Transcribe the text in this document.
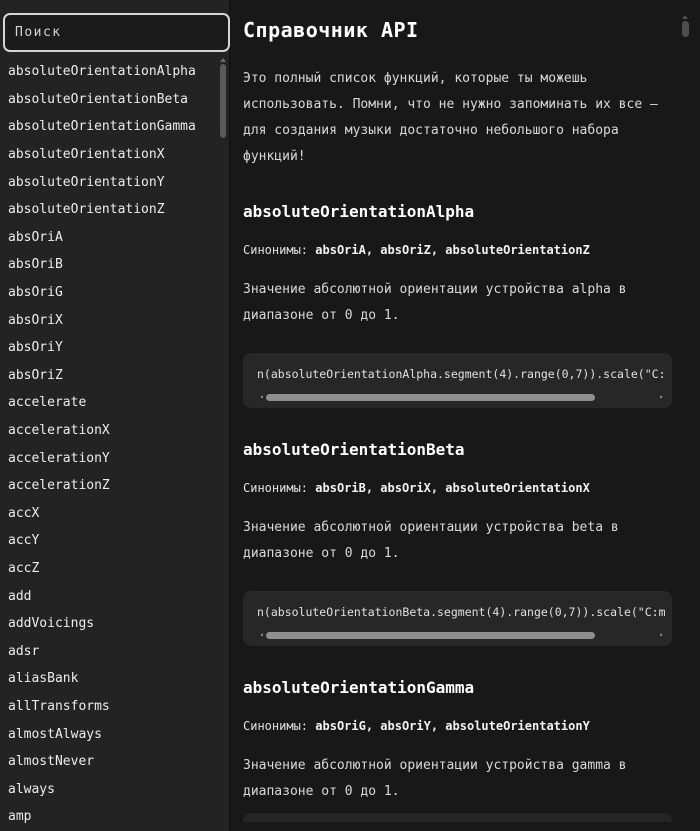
Поиск
absoluteOrientationAlpha
absoluteOrientationBeta
absoluteOrientationGamma
absoluteOrientationX
absoluteOrientationY
absoluteOrientationZ
absOriA
absOriB
absOriG
absOriX
absOriY
absOriZ
accelerate
accelerationX
accelerationY
accelerationZ
accX
accY
accZ
add
addVoicings
adsr
aliasBank
allTransforms
almostAlways
almostNever
always
amp
Справочник API

Это полный список функций, которые ты можешь использовать. Помни, что не нужно запоминать их все — для создания музыки достаточно небольшого набора функций!

absoluteOrientationAlpha

Синонимы: absOriA, absOriZ, absoluteOrientationZ

Значение абсолютной ориентации устройства alpha в диапазоне от 0 до 1.

n(absoluteOrientationAlpha.segment(4).range(0,7)).scale("C:
◂	▸
absoluteOrientationBeta

Синонимы: absOriB, absOriX, absoluteOrientationX

Значение абсолютной ориентации устройства beta в диапазоне от 0 до 1.

n(absoluteOrientationBeta.segment(4).range(0,7)).scale("C:m
◂	▸
absoluteOrientationGamma

Синонимы: absOriG, absOriY, absoluteOrientationY

Значение абсолютной ориентации устройства gamma в диапазоне от 0 до 1.
